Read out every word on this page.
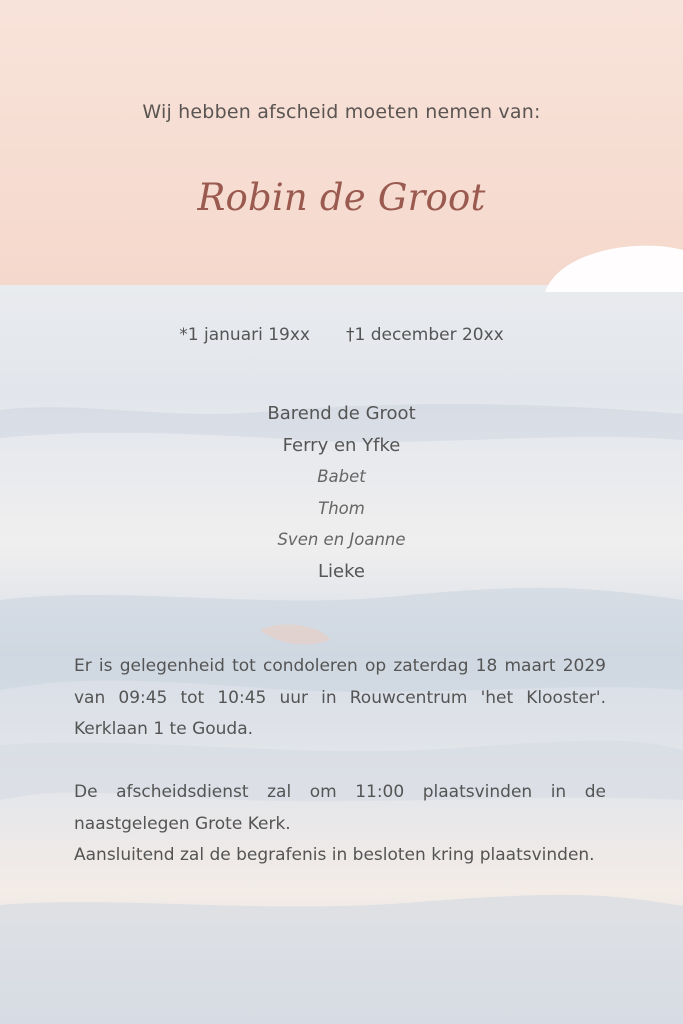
Wij hebben afscheid moeten nemen van:
Robin de Groot
*1 januari 19xx †1 december 20xx
Barend de Groot
Ferry en Yfke
Babet
Thom
Sven en Joanne
Lieke
Er is gelegenheid tot condoleren op zaterdag 18 maart 2029 van 09:45 tot 10:45 uur in Rouwcentrum 'het Klooster'. Kerklaan 1 te Gouda.
De afscheidsdienst zal om 11:00 plaatsvinden in de naastgelegen Grote Kerk.
Aansluitend zal de begrafenis in besloten kring plaatsvinden.
